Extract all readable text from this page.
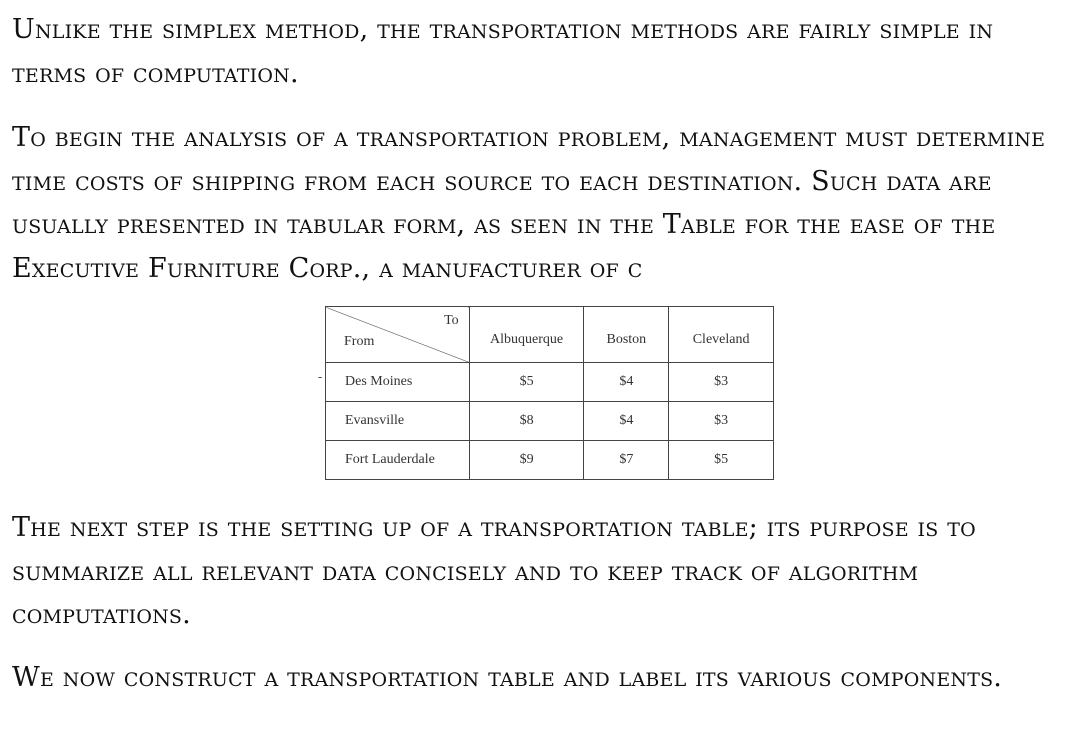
Unlike the simplex method, the transportation methods are fairly simple in terms of computation.

To begin the analysis of a transportation problem, management must determine time costs of shipping from each source to each destination. Such data are usually presented in tabular form, as seen in the Table for the ease of the Executive Furniture Corp., a manufacturer of c

The next step is the setting up of a transportation table; its purpose is to summarize all relevant data concisely and to keep track of algorithm computations.

We now construct a transportation table and label its various components.

-
To
From	Albuquerque	Boston	Cleveland
Des Moines	$5	$4	$3
Evansville	$8	$4	$3
Fort Lauderdale	$9	$7	$5
